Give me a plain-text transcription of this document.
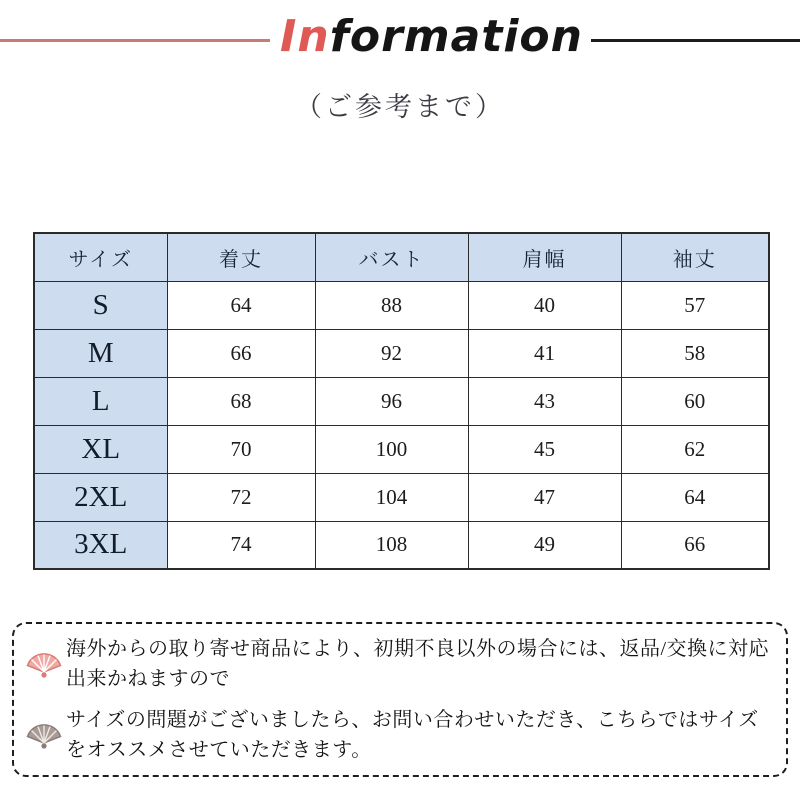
Information
（ご参考まで）
サイズ	着丈	バスト	肩幅	袖丈
S	64	88	40	57
M	66	92	41	58
L	68	96	43	60
XL	70	100	45	62
2XL	72	104	47	64
3XL	74	108	49	66
海外からの取り寄せ商品により、初期不良以外の場合には、返品/交換に対応出来かねますので
サイズの問題がございましたら、お問い合わせいただき、こちらではサイズをオススメさせていただきます。
